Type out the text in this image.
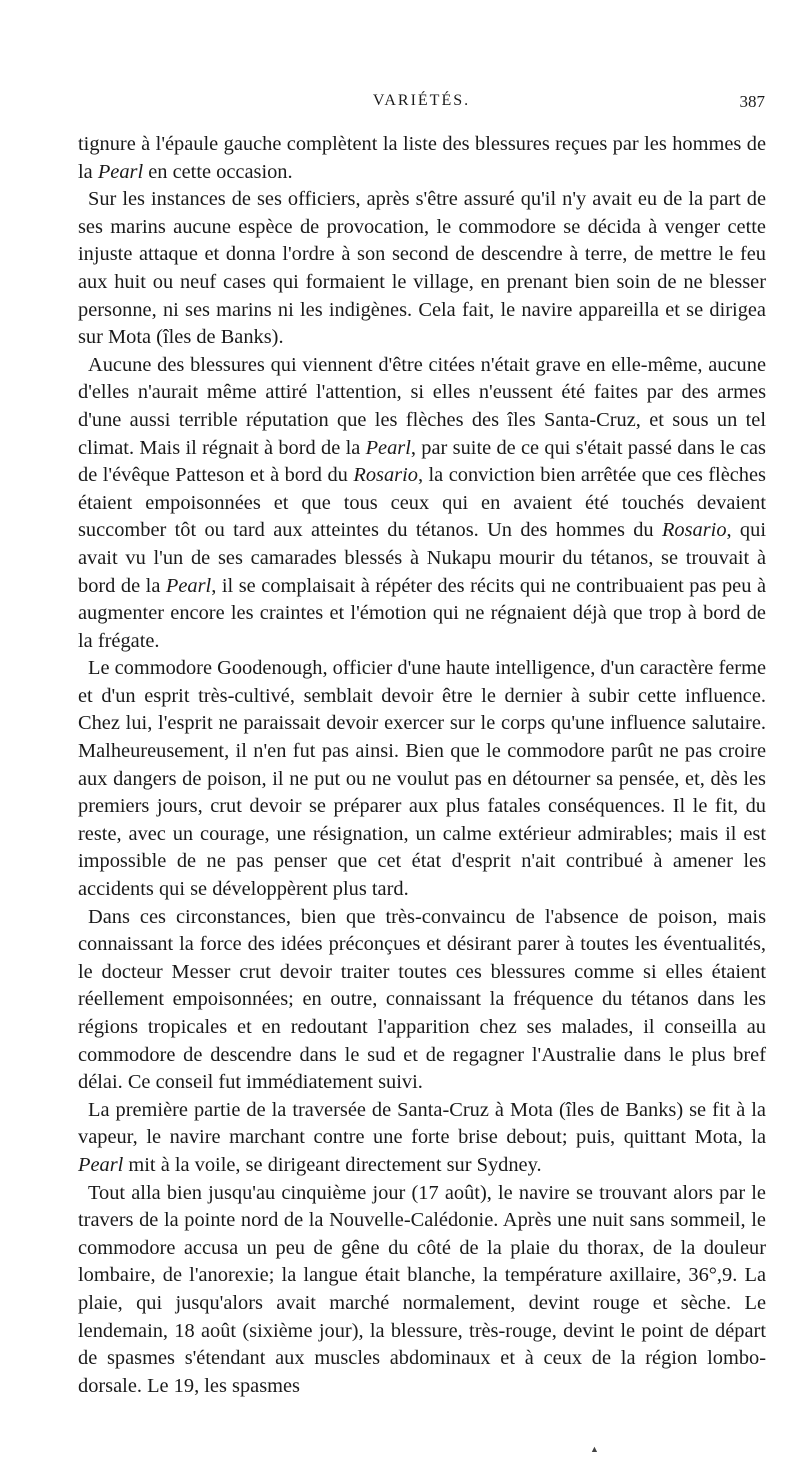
VARIÉTÉS.	387

tignure à l'épaule gauche complètent la liste des blessures reçues par les hommes de la Pearl en cette occasion.

Sur les instances de ses officiers, après s'être assuré qu'il n'y avait eu de la part de ses marins aucune espèce de provocation, le commodore se décida à venger cette injuste attaque et donna l'ordre à son second de descendre à terre, de mettre le feu aux huit ou neuf cases qui formaient le village, en prenant bien soin de ne blesser personne, ni ses marins ni les indigènes. Cela fait, le navire appareilla et se dirigea sur Mota (îles de Banks).

Aucune des blessures qui viennent d'être citées n'était grave en elle-même, aucune d'elles n'aurait même attiré l'attention, si elles n'eussent été faites par des armes d'une aussi terrible réputation que les flèches des îles Santa-Cruz, et sous un tel climat. Mais il régnait à bord de la Pearl, par suite de ce qui s'était passé dans le cas de l'évêque Patteson et à bord du Rosario, la conviction bien arrêtée que ces flèches étaient empoisonnées et que tous ceux qui en avaient été touchés devaient succomber tôt ou tard aux atteintes du tétanos. Un des hommes du Rosario, qui avait vu l'un de ses camarades blessés à Nukapu mourir du tétanos, se trouvait à bord de la Pearl, il se complaisait à répéter des récits qui ne contribuaient pas peu à augmenter encore les craintes et l'émotion qui ne régnaient déjà que trop à bord de la frégate.

Le commodore Goodenough, officier d'une haute intelligence, d'un caractère ferme et d'un esprit très-cultivé, semblait devoir être le dernier à subir cette influence. Chez lui, l'esprit ne paraissait devoir exercer sur le corps qu'une influence salutaire. Malheureusement, il n'en fut pas ainsi. Bien que le commodore parût ne pas croire aux dangers de poison, il ne put ou ne voulut pas en détourner sa pensée, et, dès les premiers jours, crut devoir se préparer aux plus fatales conséquences. Il le fit, du reste, avec un courage, une résignation, un calme extérieur admirables; mais il est impossible de ne pas penser que cet état d'esprit n'ait contribué à amener les accidents qui se développèrent plus tard.

Dans ces circonstances, bien que très-convaincu de l'absence de poison, mais connaissant la force des idées préconçues et désirant parer à toutes les éventualités, le docteur Messer crut devoir traiter toutes ces blessures comme si elles étaient réellement empoisonnées; en outre, connaissant la fréquence du tétanos dans les régions tropicales et en redoutant l'apparition chez ses malades, il conseilla au commodore de descendre dans le sud et de regagner l'Australie dans le plus bref délai. Ce conseil fut immédiatement suivi.

La première partie de la traversée de Santa-Cruz à Mota (îles de Banks) se fit à la vapeur, le navire marchant contre une forte brise debout; puis, quittant Mota, la Pearl mit à la voile, se dirigeant directement sur Sydney.

Tout alla bien jusqu'au cinquième jour (17 août), le navire se trouvant alors par le travers de la pointe nord de la Nouvelle-Calédonie. Après une nuit sans sommeil, le commodore accusa un peu de gêne du côté de la plaie du thorax, de la douleur lombaire, de l'anorexie; la langue était blanche, la température axillaire, 36°,9. La plaie, qui jusqu'alors avait marché normalement, devint rouge et sèche. Le lendemain, 18 août (sixième jour), la blessure, très-rouge, devint le point de départ de spasmes s'étendant aux muscles abdominaux et à ceux de la région lombo-dorsale. Le 19, les spasmes

▲
